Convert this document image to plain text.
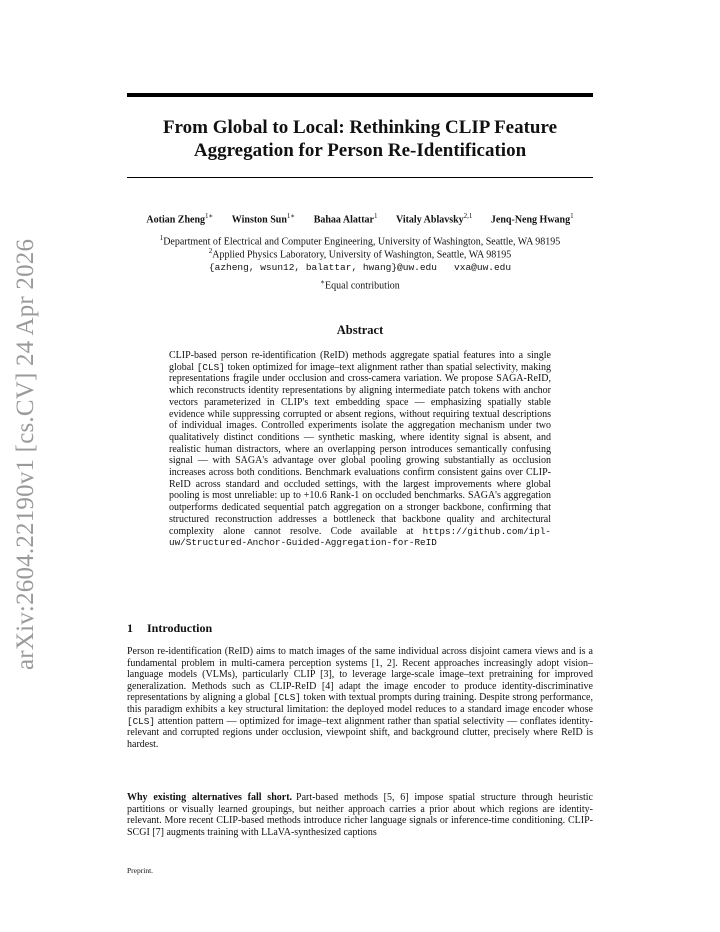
arXiv:2604.22190v1 [cs.CV] 24 Apr 2026
From Global to Local: Rethinking CLIP Feature
Aggregation for Person Re-Identification
Aotian Zheng$^{1∗}$ Winston Sun$^{1∗}$ Bahaa Alattar$^1$ Vitaly Ablavsky$^{2,1}$ Jenq-Neng Hwang$^1$
$^1$Department of Electrical and Computer Engineering, University of Washington, Seattle, WA 98195
$^2$Applied Physics Laboratory, University of Washington, Seattle, WA 98195
{azheng, wsun12, balattar, hwang}@uw.edu   vxa@uw.edu
∗Equal contribution
Abstract
CLIP-based person re-identification (ReID) methods aggregate spatial features into a single global [CLS] token optimized for image–text alignment rather than spatial selectivity, making representations fragile under occlusion and cross-camera variation. We propose SAGA-ReID, which reconstructs identity representations by aligning intermediate patch tokens with anchor vectors parameterized in CLIP's text embedding space — emphasizing spatially stable evidence while suppressing corrupted or absent regions, without requiring textual descriptions of individual images. Controlled experiments isolate the aggregation mechanism under two qualitatively distinct conditions — synthetic masking, where identity signal is absent, and realistic human distractors, where an overlapping person introduces semantically confusing signal — with SAGA's advantage over global pooling growing substantially as occlusion increases across both conditions. Benchmark evaluations confirm consistent gains over CLIP-ReID across standard and occluded settings, with the largest improvements where global pooling is most unreliable: up to +10.6 Rank-1 on occluded benchmarks. SAGA's aggregation outperforms dedicated sequential patch aggregation on a stronger backbone, confirming that structured reconstruction addresses a bottleneck that backbone quality and architectural complexity alone cannot resolve. Code available at https://github.com/ipl-uw/Structured-Anchor-Guided-Aggregation-for-ReID
1 Introduction
Person re-identification (ReID) aims to match images of the same individual across disjoint camera views and is a fundamental problem in multi-camera perception systems [1, 2]. Recent approaches increasingly adopt vision–language models (VLMs), particularly CLIP [3], to leverage large-scale image–text pretraining for improved generalization. Methods such as CLIP-ReID [4] adapt the image encoder to produce identity-discriminative representations by aligning a global [CLS] token with textual prompts during training. Despite strong performance, this paradigm exhibits a key structural limitation: the deployed model reduces to a standard image encoder whose [CLS] attention pattern — optimized for image–text alignment rather than spatial selectivity — conflates identity-relevant and corrupted regions under occlusion, viewpoint shift, and background clutter, precisely where ReID is hardest.
Why existing alternatives fall short. Part-based methods [5, 6] impose spatial structure through heuristic partitions or visually learned groupings, but neither approach carries a prior about which regions are identity-relevant. More recent CLIP-based methods introduce richer language signals or inference-time conditioning. CLIP-SCGI [7] augments training with LLaVA-synthesized captions
Preprint.
